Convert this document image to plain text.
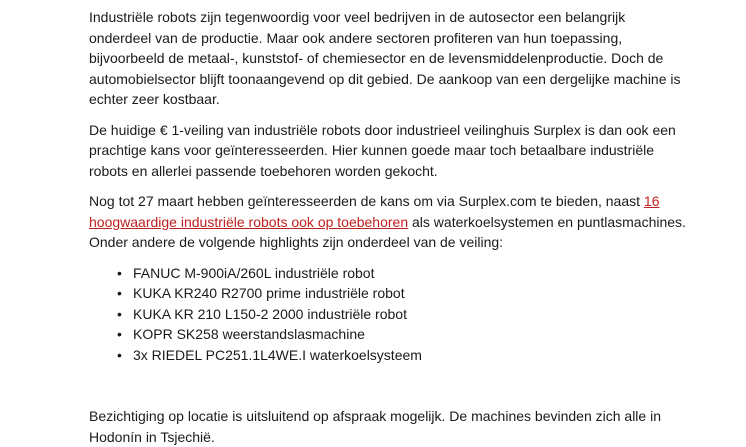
Industriële robots zijn tegenwoordig voor veel bedrijven in de autosector een belangrijk onderdeel van de productie. Maar ook andere sectoren profiteren van hun toepassing, bijvoorbeeld de metaal-, kunststof- of chemiesector en de levensmiddelenproductie. Doch de automobielsector blijft toonaangevend op dit gebied. De aankoop van een dergelijke machine is echter zeer kostbaar.

De huidige € 1-veiling van industriële robots door industrieel veilinghuis Surplex is dan ook een prachtige kans voor geïnteresseerden. Hier kunnen goede maar toch betaalbare industriële robots en allerlei passende toebehoren worden gekocht.

Nog tot 27 maart hebben geïnteresseerden de kans om via Surplex.com te bieden, naast 16 hoogwaardige industriële robots ook op toebehoren als waterkoelsystemen en puntlasmachines. Onder andere de volgende highlights zijn onderdeel van de veiling:

• FANUC M-900iA/260L industriële robot
• KUKA KR240 R2700 prime industriële robot
• KUKA KR 210 L150-2 2000 industriële robot
• KOPR SK258 weerstandslasmachine
• 3x RIEDEL PC251.1L4WE.I waterkoelsysteem

Bezichtiging op locatie is uitsluitend op afspraak mogelijk. De machines bevinden zich alle in Hodonín in Tsjechië.
